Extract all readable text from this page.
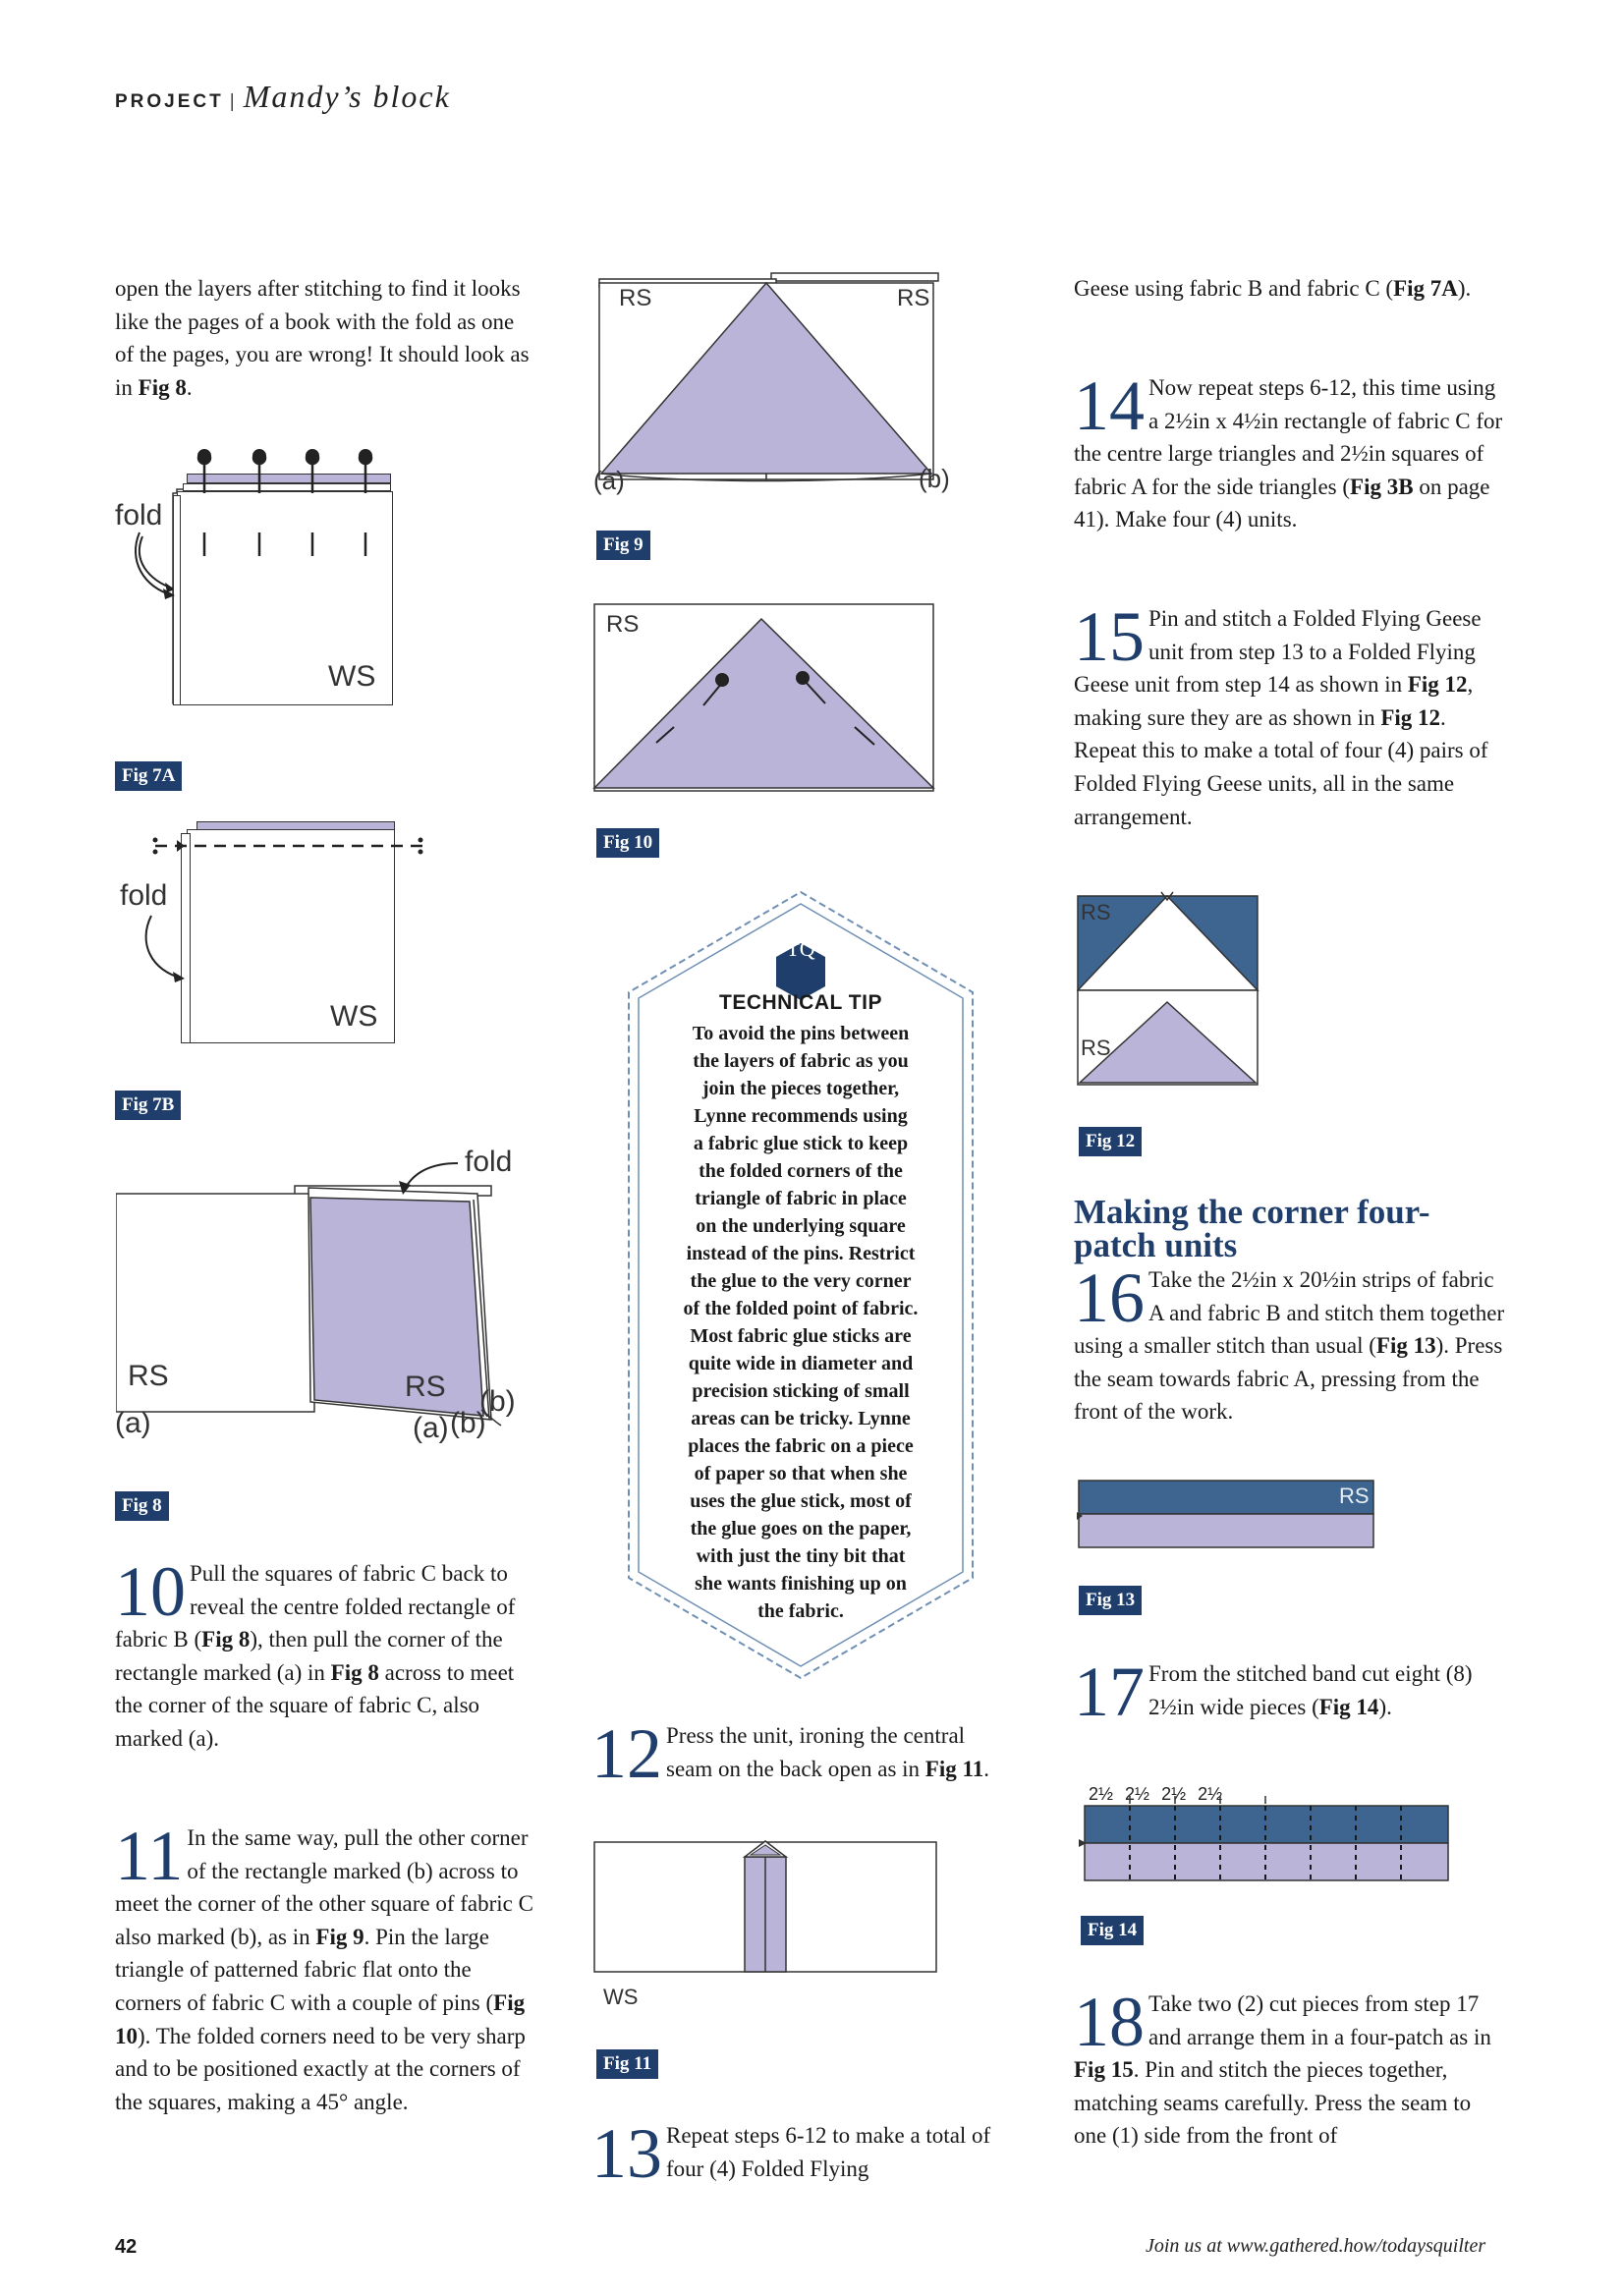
PROJECT | Mandy’s block
open the layers after stitching to find it looks like the pages of a book with the fold as one of the pages, you are wrong! It should look as in Fig 8.
fold
WS
Fig 7A
fold
WS
Fig 7B
fold
RS
(a)
RS
(a) (b)
(b)
Fig 8
10 Pull the squares of fabric C back to reveal the centre folded rectangle of fabric B (Fig 8), then pull the corner of the rectangle marked (a) in Fig 8 across to meet the corner of the square of fabric C, also marked (a).
11 In the same way, pull the other corner of the rectangle marked (b) across to meet the corner of the other square of fabric C also marked (b), as in Fig 9. Pin the large triangle of patterned fabric flat onto the corners of fabric C with a couple of pins (Fig 10). The folded corners need to be very sharp and to be positioned exactly at the corners of the squares, making a 45° angle.
RS	RS
(a)	(b)
Fig 9
RS
Fig 10
TQ
TECHNICAL TIP
To avoid the pins between
the layers of fabric as you
join the pieces together,
Lynne recommends using
a fabric glue stick to keep
the folded corners of the
triangle of fabric in place
on the underlying square
instead of the pins. Restrict
the glue to the very corner
of the folded point of fabric.
Most fabric glue sticks are
quite wide in diameter and
precision sticking of small
areas can be tricky. Lynne
places the fabric on a piece
of paper so that when she
uses the glue stick, most of
the glue goes on the paper,
with just the tiny bit that
she wants finishing up on
the fabric.
12 Press the unit, ironing the central seam on the back open as in Fig 11.
WS
Fig 11
13 Repeat steps 6-12 to make a total of four (4) Folded Flying
Geese using fabric B and fabric C (Fig 7A).
14 Now repeat steps 6-12, this time using a 2½in x 4½in rectangle of fabric C for the centre large triangles and 2½in squares of fabric A for the side triangles (Fig 3B on page 41). Make four (4) units.
15 Pin and stitch a Folded Flying Geese unit from step 13 to a Folded Flying Geese unit from step 14 as shown in Fig 12, making sure they are as shown in Fig 12. Repeat this to make a total of four (4) pairs of Folded Flying Geese units, all in the same arrangement.
RS
RS
Fig 12
Making the corner four-patch units
16 Take the 2½in x 20½in strips of fabric A and fabric B and stitch them together using a smaller stitch than usual (Fig 13). Press the seam towards fabric A, pressing from the front of the work.
RS
Fig 13
17 From the stitched band cut eight (8) 2½in wide pieces (Fig 14).
2½ 2½ 2½ 2½
Fig 14
18 Take two (2) cut pieces from step 17 and arrange them in a four-patch as in Fig 15. Pin and stitch the pieces together, matching seams carefully. Press the seam to one (1) side from the front of
42	Join us at www.gathered.how/todaysquilter
